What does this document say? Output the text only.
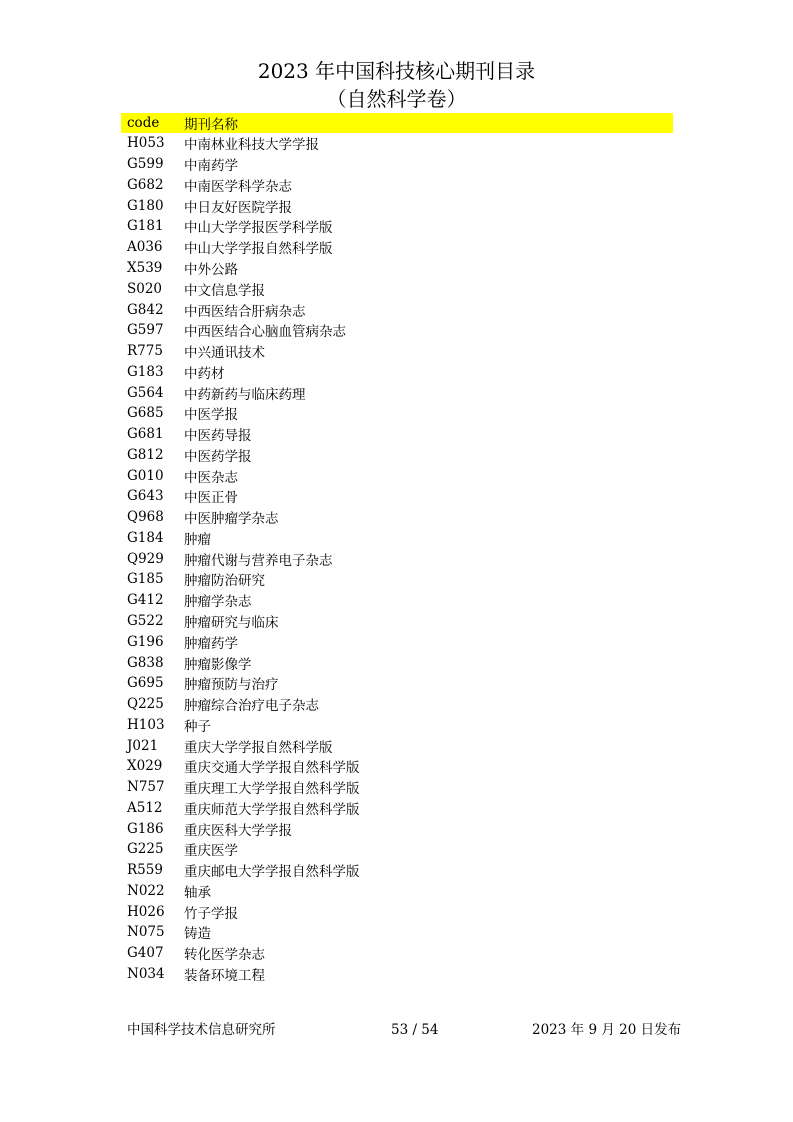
2023 年中国科技核心期刊目录
（自然科学卷）
code	期刊名称
H053	中南林业科技大学学报
G599	中南药学
G682	中南医学科学杂志
G180	中日友好医院学报
G181	中山大学学报医学科学版
A036	中山大学学报自然科学版
X539	中外公路
S020	中文信息学报
G842	中西医结合肝病杂志
G597	中西医结合心脑血管病杂志
R775	中兴通讯技术
G183	中药材
G564	中药新药与临床药理
G685	中医学报
G681	中医药导报
G812	中医药学报
G010	中医杂志
G643	中医正骨
Q968	中医肿瘤学杂志
G184	肿瘤
Q929	肿瘤代谢与营养电子杂志
G185	肿瘤防治研究
G412	肿瘤学杂志
G522	肿瘤研究与临床
G196	肿瘤药学
G838	肿瘤影像学
G695	肿瘤预防与治疗
Q225	肿瘤综合治疗电子杂志
H103	种子
J021	重庆大学学报自然科学版
X029	重庆交通大学学报自然科学版
N757	重庆理工大学学报自然科学版
A512	重庆师范大学学报自然科学版
G186	重庆医科大学学报
G225	重庆医学
R559	重庆邮电大学学报自然科学版
N022	轴承
H026	竹子学报
N075	铸造
G407	转化医学杂志
N034	装备环境工程
中国科学技术信息研究所	53 / 54	2023 年 9 月 20 日发布
